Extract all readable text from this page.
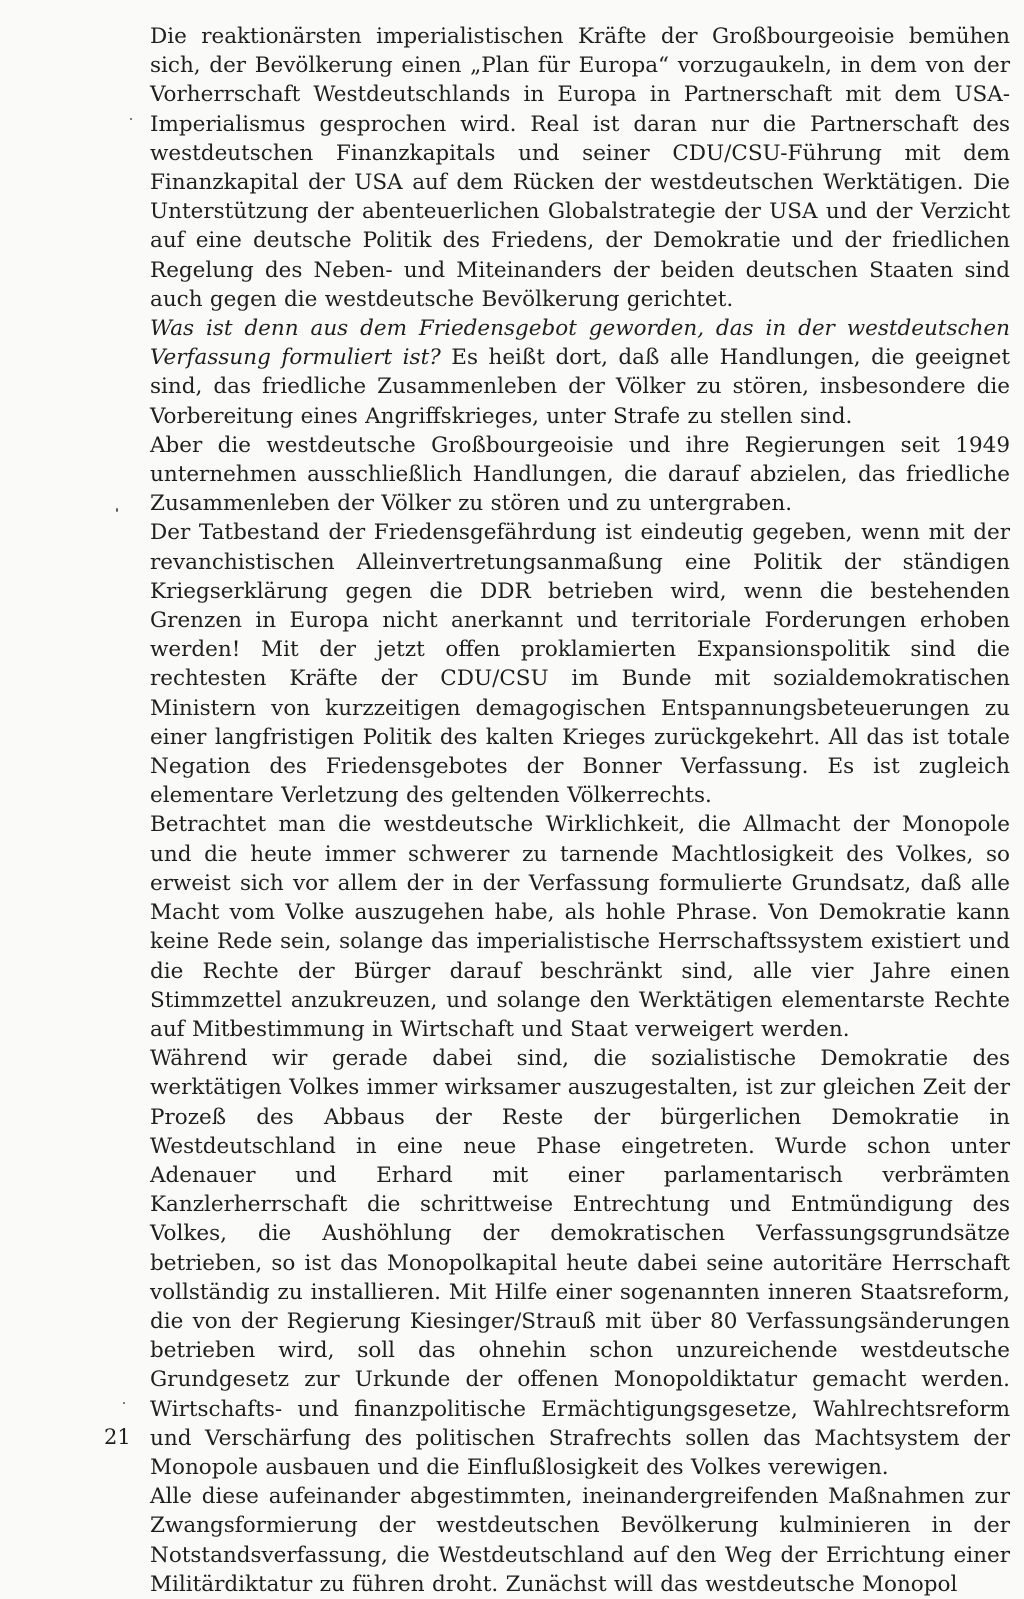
Die reaktionärsten imperialistischen Kräfte der Großbourgeoisie bemühen sich, der Bevölkerung einen „Plan für Europa“ vorzugaukeln, in dem von der Vorherrschaft Westdeutschlands in Europa in Partnerschaft mit dem USA-Imperialismus gesprochen wird. Real ist daran nur die Partnerschaft des westdeutschen Finanzkapitals und seiner CDU/CSU-Führung mit dem Finanzkapital der USA auf dem Rücken der westdeutschen Werktätigen. Die Unterstützung der abenteuerlichen Globalstrategie der USA und der Verzicht auf eine deutsche Politik des Friedens, der Demokratie und der friedlichen Regelung des Neben- und Miteinanders der beiden deutschen Staaten sind auch gegen die westdeutsche Bevölkerung gerichtet.

Was ist denn aus dem Friedensgebot geworden, das in der westdeutschen Verfassung formuliert ist? Es heißt dort, daß alle Handlungen, die geeignet sind, das friedliche Zusammenleben der Völker zu stören, insbesondere die Vorbereitung eines Angriffskrieges, unter Strafe zu stellen sind.

Aber die westdeutsche Großbourgeoisie und ihre Regierungen seit 1949 unternehmen ausschließlich Handlungen, die darauf abzielen, das friedliche Zusammenleben der Völker zu stören und zu untergraben.

Der Tatbestand der Friedensgefährdung ist eindeutig gegeben, wenn mit der revanchistischen Alleinvertretungsanmaßung eine Politik der ständigen Kriegserklärung gegen die DDR betrieben wird, wenn die bestehenden Grenzen in Europa nicht anerkannt und territoriale Forderungen erhoben werden! Mit der jetzt offen proklamierten Expansionspolitik sind die rechtesten Kräfte der CDU/CSU im Bunde mit sozialdemokratischen Ministern von kurzzeitigen demagogischen Entspannungsbeteuerungen zu einer langfristigen Politik des kalten Krieges zurückgekehrt. All das ist totale Negation des Friedensgebotes der Bonner Verfassung. Es ist zugleich elementare Verletzung des geltenden Völkerrechts.

Betrachtet man die westdeutsche Wirklichkeit, die Allmacht der Monopole und die heute immer schwerer zu tarnende Machtlosigkeit des Volkes, so erweist sich vor allem der in der Verfassung formulierte Grundsatz, daß alle Macht vom Volke auszugehen habe, als hohle Phrase. Von Demokratie kann keine Rede sein, solange das imperialistische Herrschaftssystem existiert und die Rechte der Bürger darauf beschränkt sind, alle vier Jahre einen Stimmzettel anzukreuzen, und solange den Werktätigen elementarste Rechte auf Mitbestimmung in Wirtschaft und Staat verweigert werden.

Während wir gerade dabei sind, die sozialistische Demokratie des werktätigen Volkes immer wirksamer auszugestalten, ist zur gleichen Zeit der Prozeß des Abbaus der Reste der bürgerlichen Demokratie in Westdeutschland in eine neue Phase eingetreten. Wurde schon unter Adenauer und Erhard mit einer parlamentarisch verbrämten Kanzlerherrschaft die schrittweise Entrechtung und Entmündigung des Volkes, die Aushöhlung der demokratischen Verfassungsgrundsätze betrieben, so ist das Monopolkapital heute dabei seine autoritäre Herrschaft vollständig zu installieren. Mit Hilfe einer sogenannten inneren Staatsreform, die von der Regierung Kiesinger/Strauß mit über 80 Verfassungsänderungen betrieben wird, soll das ohnehin schon unzureichende westdeutsche Grundgesetz zur Urkunde der offenen Monopoldiktatur gemacht werden. Wirtschafts- und finanzpolitische Ermächtigungsgesetze, Wahlrechtsreform und Verschärfung des politischen Strafrechts sollen das Machtsystem der Monopole ausbauen und die Einflußlosigkeit des Volkes verewigen.

Alle diese aufeinander abgestimmten, ineinandergreifenden Maßnahmen zur Zwangsformierung der westdeutschen Bevölkerung kulminieren in der Notstandsverfassung, die Westdeutschland auf den Weg der Errichtung einer Militärdiktatur zu führen droht. Zunächst will das westdeutsche Monopol

21
